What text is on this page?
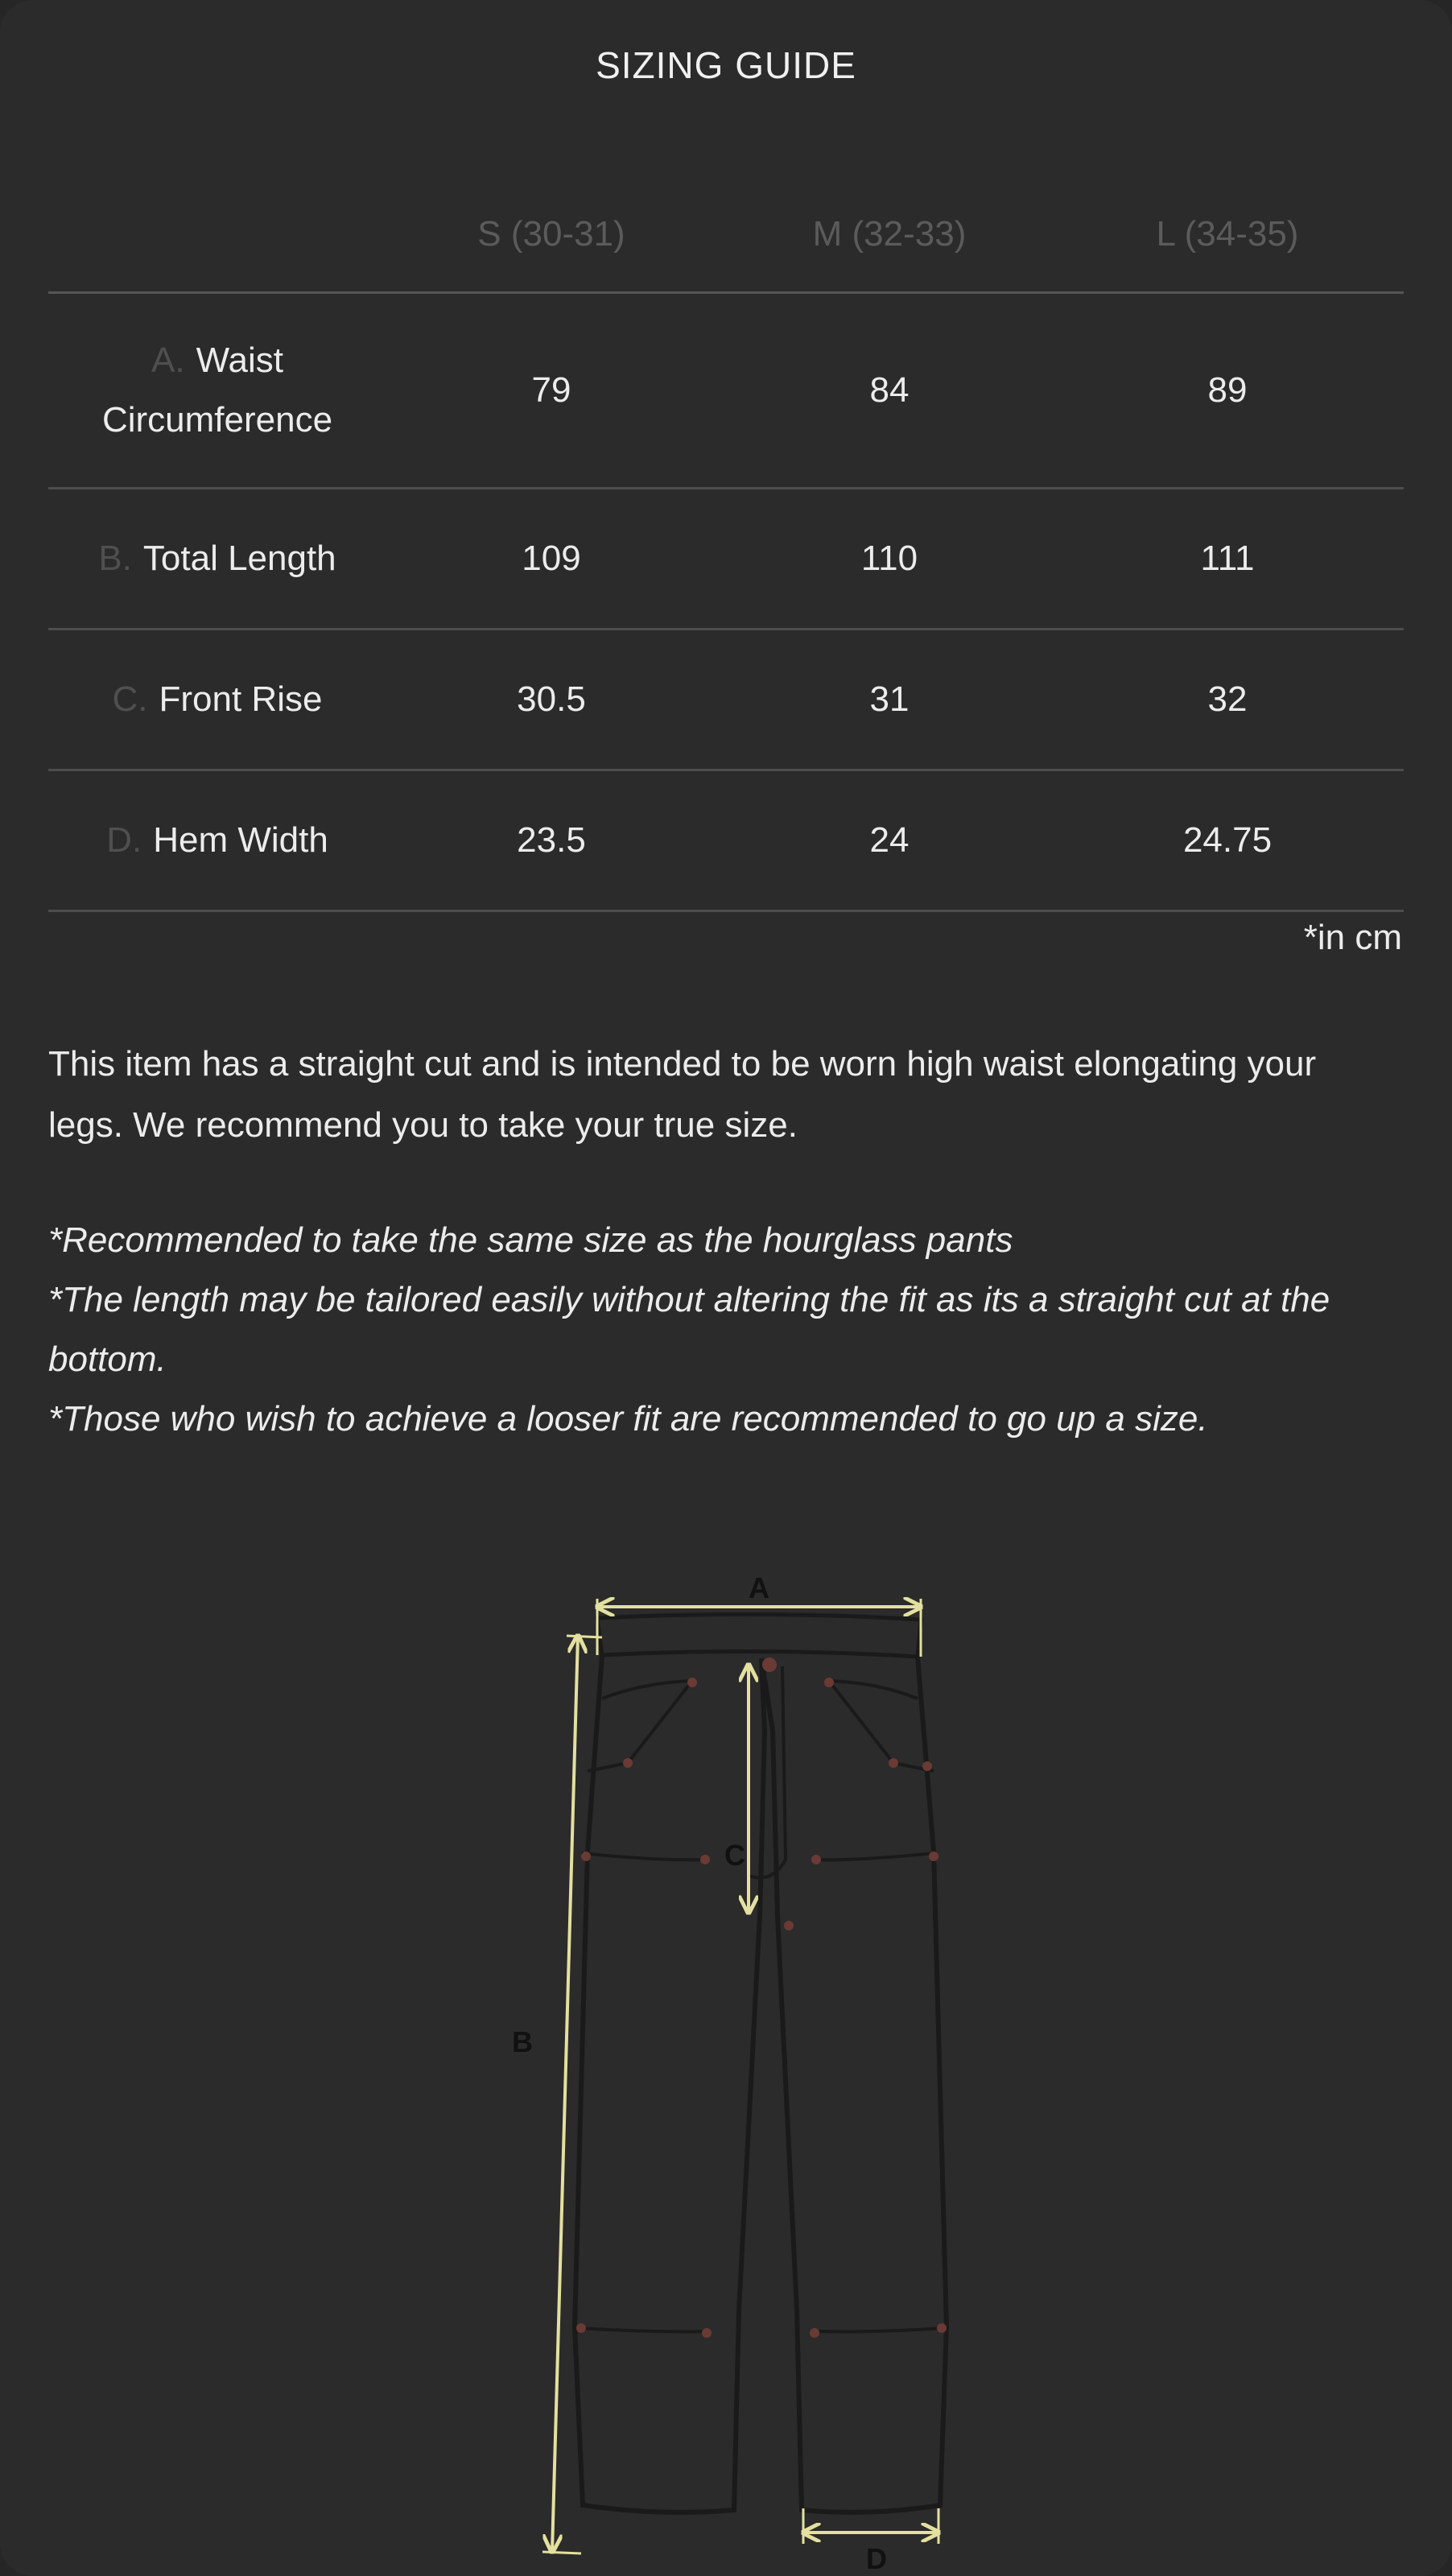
SIZING GUIDE
S (30-31)	M (32-33)	L (34-35)
A. Waist
Circumference
79	84	89
B. Total Length	109	110	111
C. Front Rise	30.5	31	32
D. Hem Width	23.5	24	24.75
*in cm
This item has a straight cut and is intended to be worn high waist elongating your
legs. We recommend you to take your true size.
*Recommended to take the same size as the hourglass pants
*The length may be tailored easily without altering the fit as its a straight cut at the
bottom.
*Those who wish to achieve a looser fit are recommended to go up a size.
A
B
C
D
